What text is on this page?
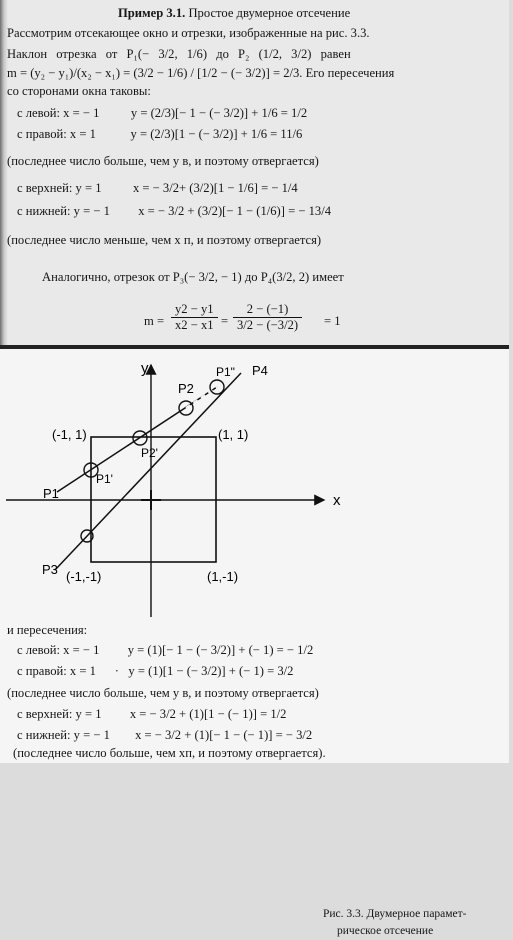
Пример 3.1. Простое двумерное отсечение
Рассмотрим отсекающее окно и отрезки, изображенные на рис. 3.3.
Наклон отрезка от P₁(− 3/2, 1/6) до P₂ (1/2, 3/2) равен
m = (y₂ − y₁)/(x₂ − x₁) = (3/2 − 1/6) / [1/2 − (− 3/2)] = 2/3. Его пересечения
со сторонами окна таковы:
с левой: x = − 1          y = (2/3)[− 1 − (− 3/2)] + 1/6 = 1/2
с правой: x = 1           y = (2/3)[1 − (− 3/2)] + 1/6 = 11/6
(последнее число больше, чем y в, и поэтому отвергается)
с верхней: y = 1          x = − 3/2+ (3/2)[1 − 1/6] = − 1/4
с нижней: y = − 1         x = − 3/2 + (3/2)[− 1 − (1/6)] = − 13/4
(последнее число меньше, чем x п, и поэтому отвергается)
Аналогично, отрезок от P₃(− 3/2, − 1) до P₄(3/2, 2) имеет
$m = \frac{y2 - y1}{x2 - x1} = \frac{2 - (-1)}{3/2 - (-3/2)} = 1$
x
y
(-1, 1)	(1, 1)
(-1,-1)	(1,-1)
P1
P1'
P2
P2'
P3
P4
P1"
Рис. 3.3. Двумерное парамет-
рическое отсечение
и пересечения:
с левой: x = − 1         y = (1)[− 1 − (− 3/2)] + (− 1) = − 1/2
с правой: x = 1      ·   y = (1)[1 − (− 3/2)] + (− 1) = 3/2
(последнее число больше, чем y в, и поэтому отвергается)
с верхней: y = 1         x = − 3/2 + (1)[1 − (− 1)] = 1/2
с нижней: y = − 1        x = − 3/2 + (1)[− 1 − (− 1)] = − 3/2
(последнее число больше, чем xп, и поэтому отвергается).
